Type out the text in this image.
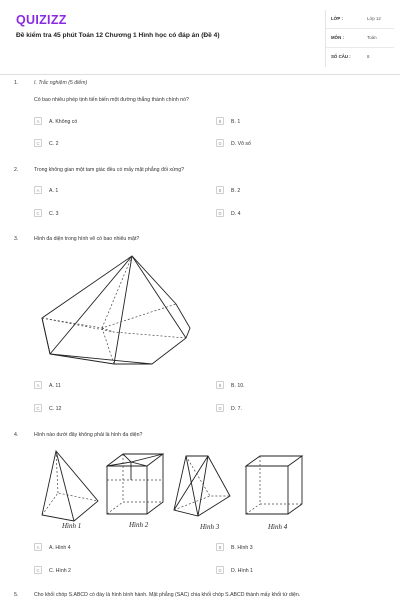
QUIZIZZ
Đề kiểm tra 45 phút Toán 12 Chương 1 Hình học có đáp án (Đề 4)
LỚP :	Lớp 12
MÔN :	Toán
SỐ CÂU :	8
1.	I. Trắc nghiệm (5 điểm)
Có bao nhiêu phép tịnh tiến biến một đường thẳng thành chính nó?
A	A. Không có	B	B. 1
C	C. 2	D	D. Vô số
2.	Trong không gian một tam giác đều có mấy mặt phẳng đối xứng?
A	A. 1	B	B. 2
C	C. 3	D	D. 4
3.	Hình đa diện trong hình vẽ có bao nhiêu mặt?
A	A. 11	B	B. 10.
C	C. 12	D	D. 7.
4.	Hình nào dưới đây không phải là hình đa diện?
Hình 1	Hình 2	Hình 3	Hình 4
A	A. Hình 4	B	B. Hình 3
C	C. Hình 2	D	D. Hình 1
5.	Cho khối chóp S.ABCD có đáy là hình bình hành. Mặt phẳng (SAC) chia khối chóp S.ABCD thành mấy khối tứ diện.
